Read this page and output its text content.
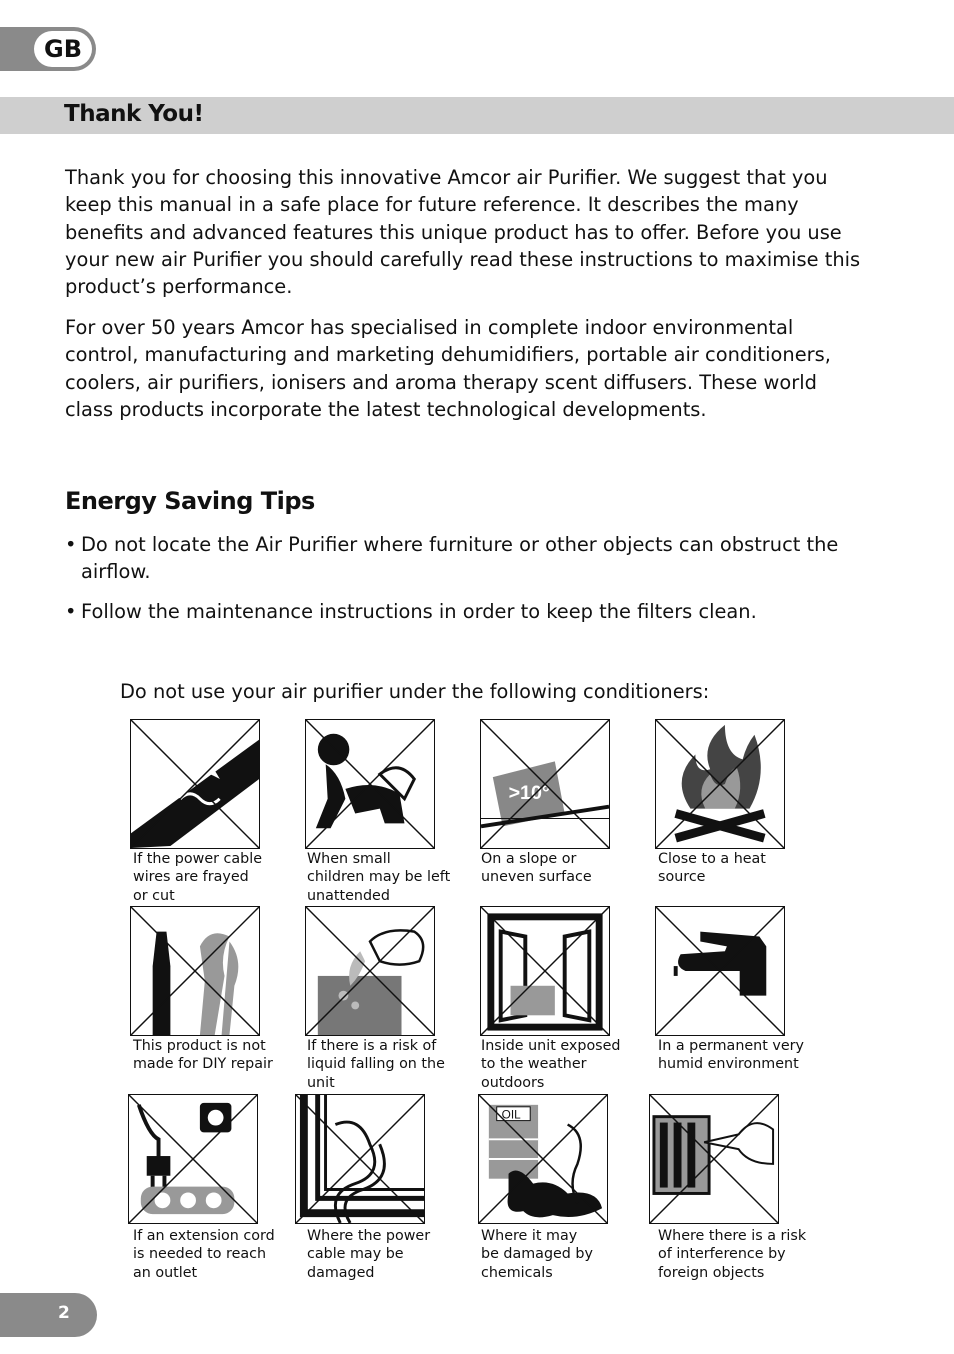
GB
Thank You!

Thank you for choosing this innovative Amcor air Purifier. We suggest that you keep this manual in a safe place for future reference. It describes the many benefits and advanced features this unique product has to offer. Before you use your new air Purifier you should carefully read these instructions to maximise this product’s performance.

For over 50 years Amcor has specialised in complete indoor environmental control, manufacturing and marketing dehumidifiers, portable air conditioners, coolers, air purifiers, ionisers and aroma therapy scent diffusers. These world class products incorporate the latest technological developments.

Energy Saving Tips
• Do not locate the Air Purifier where furniture or other objects can obstruct the airflow.
• Follow the maintenance instructions in order to keep the filters clean.
Do not use your air purifier under the following conditioners:
If the power cable
wires are frayed
or cut
When small
children may be left
unattended
>10°
On a slope or
uneven surface
Close to a heat
source
This product is not
made for DIY repair
If there is a risk of
liquid falling on the
unit
Inside unit exposed
to the weather
outdoors
In a permanent very
humid environment
If an extension cord
is needed to reach
an outlet
Where the power
cable may be
damaged
OIL
Where it may
be damaged by
chemicals
Where there is a risk
of interference by
foreign objects
2
